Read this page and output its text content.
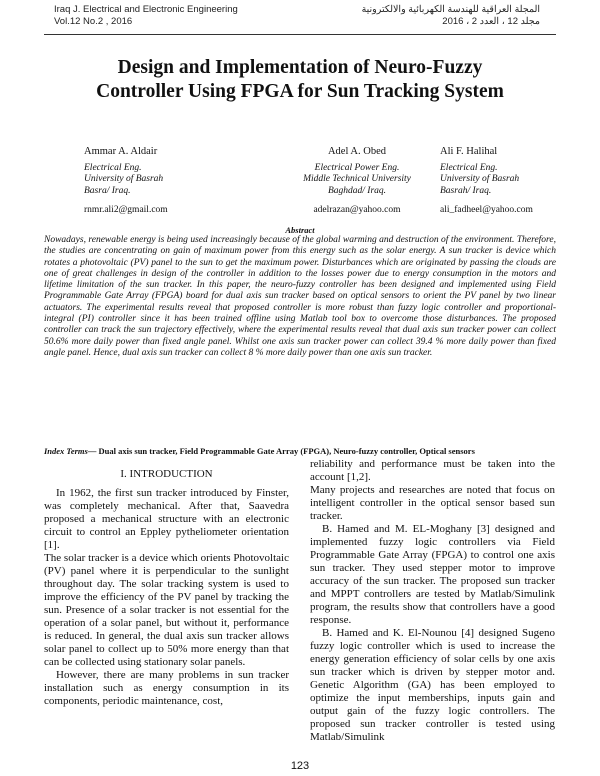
Iraq J. Electrical and Electronic Engineering
Vol.12 No.2 , 2016
المجلة العراقية للهندسة الكهربائية والالكترونية
مجلد 12 ، العدد 2 ، 2016
Design and Implementation of Neuro-Fuzzy
Controller Using FPGA for Sun Tracking System
Ammar A. Aldair
Electrical Eng.
University of Basrah
Basra/ Iraq.
rnmr.ali2@gmail.com
Adel A. Obed
Electrical Power Eng.
Middle Technical University
Baghdad/ Iraq.
adelrazan@yahoo.com
Ali F. Halihal
Electrical Eng.
University of Basrah
Basrah/ Iraq.
ali_fadheel@yahoo.com
Abstract

Nowadays, renewable energy is being used increasingly because of the global warming and destruction of the environment. Therefore, the studies are concentrating on gain of maximum power from this energy such as the solar energy. A sun tracker is device which rotates a photovoltaic (PV) panel to the sun to get the maximum power. Disturbances which are originated by passing the clouds are one of great challenges in design of the controller in addition to the losses power due to energy consumption in the motors and lifetime limitation of the sun tracker. In this paper, the neuro-fuzzy controller has been designed and implemented using Field Programmable Gate Array (FPGA) board for dual axis sun tracker based on optical sensors to orient the PV panel by two linear actuators. The experimental results reveal that proposed controller is more robust than fuzzy logic controller and proportional-integral (PI) controller since it has been trained offline using Matlab tool box to overcome those disturbances. The proposed controller can track the sun trajectory effectively, where the experimental results reveal that dual axis sun tracker power can collect 50.6% more daily power than fixed angle panel. Whilst one axis sun tracker power can collect 39.4 % more daily power than fixed angle panel. Hence, dual axis sun tracker can collect 8 % more daily power than one axis sun tracker.

Index Terms— Dual axis sun tracker, Field Programmable Gate Array (FPGA), Neuro-fuzzy controller, Optical sensors

I. INTRODUCTION

In 1962, the first sun tracker introduced by Finster, was completely mechanical. After that, Saavedra proposed a mechanical structure with an electronic circuit to control an Eppley pytheliometer orientation [1].

The solar tracker is a device which orients Photovoltaic (PV) panel where it is perpendicular to the sunlight throughout day. The solar tracking system is used to improve the efficiency of the PV panel by tracking the sun. Presence of a solar tracker is not essential for the operation of a solar panel, but without it, performance is reduced. In general, the dual axis sun tracker allows solar panel to collect up to 50% more energy than that can be collected using stationary solar panels.

However, there are many problems in sun tracker installation such as energy consumption in its components, periodic maintenance, cost,

reliability and performance must be taken into the account [1,2].

Many projects and researches are noted that focus on intelligent controller in the optical sensor based sun tracker.

B. Hamed and M. EL-Moghany [3] designed and implemented fuzzy logic controllers via Field Programmable Gate Array (FPGA) to control one axis sun tracker. They used stepper motor to improve accuracy of the sun tracker. The proposed sun tracker and MPPT controllers are tested by Matlab/Simulink program, the results show that controllers have a good response.

B. Hamed and K. El-Nounou [4] designed Sugeno fuzzy logic controller which is used to increase the energy generation efficiency of solar cells by one axis sun tracker which is driven by stepper motor and. Genetic Algorithm (GA) has been employed to optimize the input memberships, inputs gain and output gain of the fuzzy logic controllers. The proposed sun tracker controller is tested using Matlab/Simulink

123
